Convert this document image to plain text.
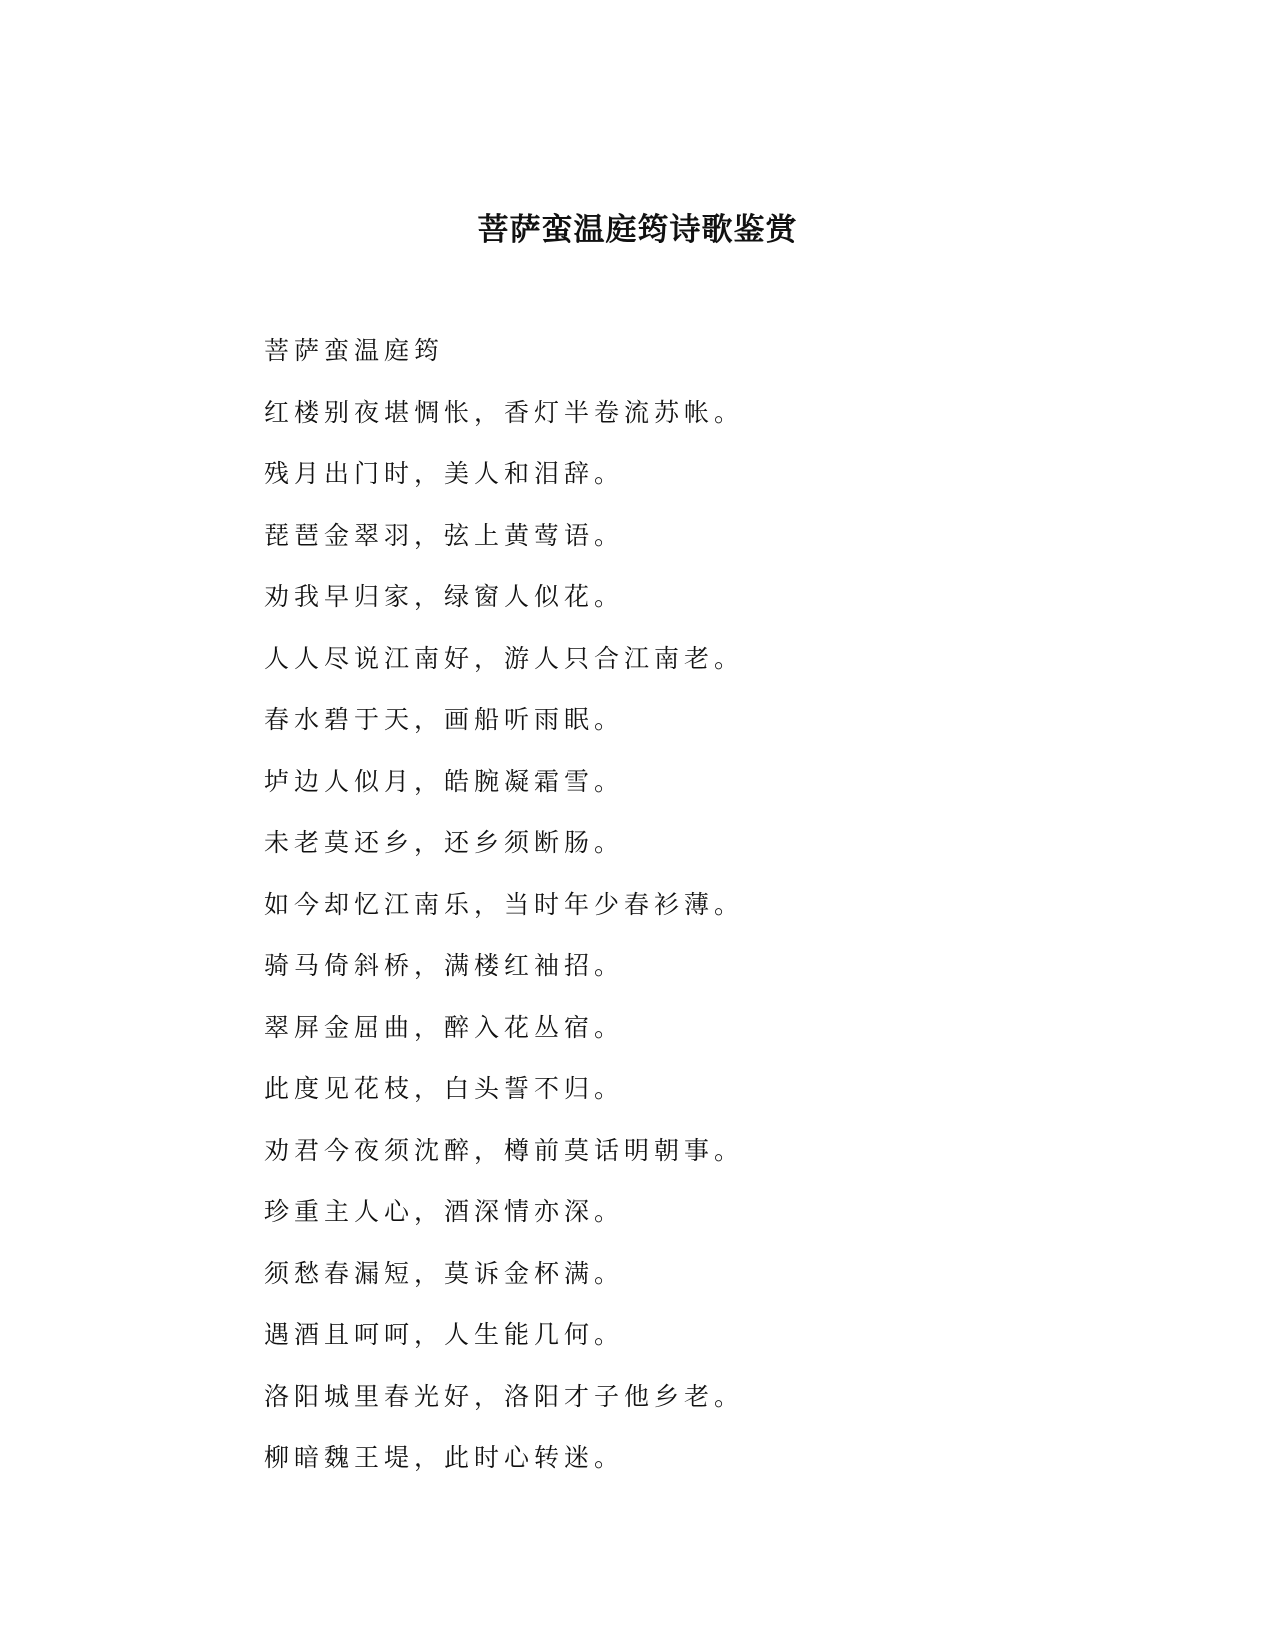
菩萨蛮温庭筠诗歌鉴赏
菩萨蛮温庭筠
红楼别夜堪惆怅，香灯半卷流苏帐。
残月出门时，美人和泪辞。
琵琶金翠羽，弦上黄莺语。
劝我早归家，绿窗人似花。
人人尽说江南好，游人只合江南老。
春水碧于天，画船听雨眠。
垆边人似月，皓腕凝霜雪。
未老莫还乡，还乡须断肠。
如今却忆江南乐，当时年少春衫薄。
骑马倚斜桥，满楼红袖招。
翠屏金屈曲，醉入花丛宿。
此度见花枝，白头誓不归。
劝君今夜须沈醉，樽前莫话明朝事。
珍重主人心，酒深情亦深。
须愁春漏短，莫诉金杯满。
遇酒且呵呵，人生能几何。
洛阳城里春光好，洛阳才子他乡老。
柳暗魏王堤，此时心转迷。
